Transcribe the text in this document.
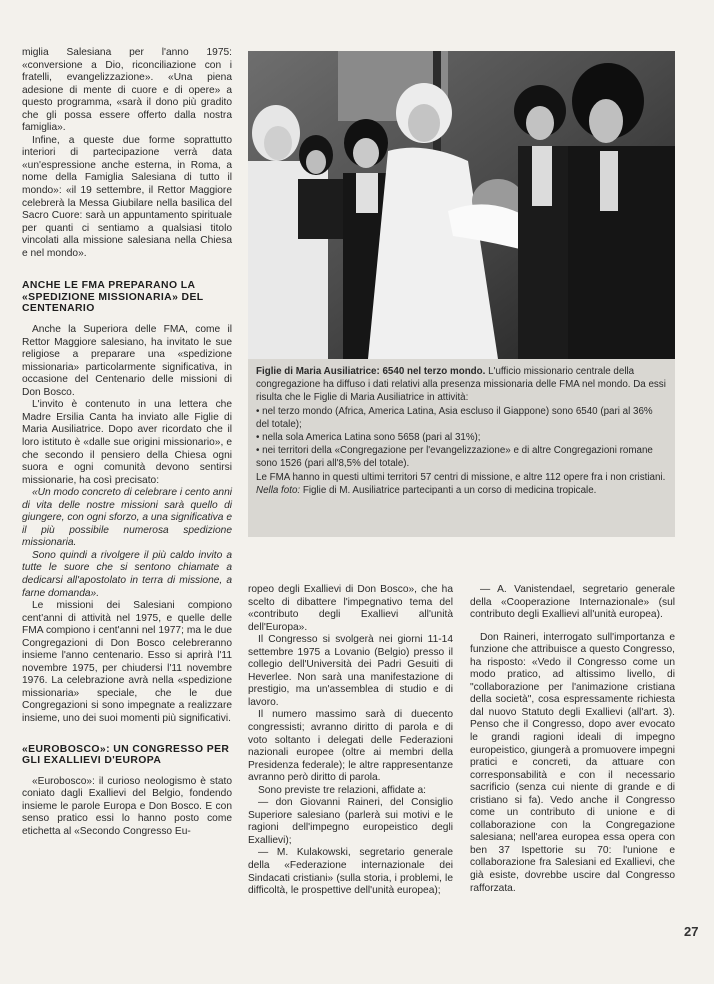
miglia Salesiana per l'anno 1975: «conversione a Dio, riconciliazione con i fratelli, evangelizzazione». «Una piena adesione di mente di cuore e di opere» a questo programma, «sarà il dono più gradito che gli possa essere offerto dalla nostra famiglia».

Infine, a queste due forme soprattutto interiori di partecipazione verrà data «un'espressione anche esterna, in Roma, a nome della Famiglia Salesiana di tutto il mondo»: «il 19 settembre, il Rettor Maggiore celebrerà la Messa Giubilare nella basilica del Sacro Cuore: sarà un appuntamento spirituale per quanti ci sentiamo a qualsiasi titolo vincolati alla missione salesiana nella Chiesa e nel mondo».

ANCHE LE FMA PREPARANO LA «SPEDIZIONE MISSIONARIA» DEL CENTENARIO

Anche la Superiora delle FMA, come il Rettor Maggiore salesiano, ha invitato le sue religiose a preparare una «spedizione missionaria» particolarmente significativa, in occasione del Centenario delle missioni di Don Bosco.

L'invito è contenuto in una lettera che Madre Ersilia Canta ha inviato alle Figlie di Maria Ausiliatrice. Dopo aver ricordato che il loro istituto è «dalle sue origini missionario», e che secondo il pensiero della Chiesa ogni suora e ogni comunità devono sentirsi missionarie, ha così precisato:

«Un modo concreto di celebrare i cento anni di vita delle nostre missioni sarà quello di giungere, con ogni sforzo, a una significativa e il più possibile numerosa spedizione missionaria.

Sono quindi a rivolgere il più caldo invito a tutte le suore che si sentono chiamate a dedicarsi all'apostolato in terra di missione, a farne domanda».

Le missioni dei Salesiani compiono cent'anni di attività nel 1975, e quelle delle FMA compiono i cent'anni nel 1977; ma le due Congregazioni di Don Bosco celebreranno insieme l'anno centenario. Esso si aprirà l'11 novembre 1975, per chiudersi l'11 novembre 1976. La celebrazione avrà nella «spedizione missionaria» speciale, che le due Congregazioni si sono impegnate a realizzare insieme, uno dei suoi momenti più significativi.

«EUROBOSCO»: UN CONGRESSO PER GLI EXALLIEVI D'EUROPA

«Eurobosco»: il curioso neologismo è stato coniato dagli Exallievi del Belgio, fondendo insieme le parole Europa e Don Bosco. E con senso pratico essi lo hanno posto come etichetta al «Secondo Congresso Eu-

Figlie di Maria Ausiliatrice: 6540 nel terzo mondo. L'ufficio missionario centrale della congregazione ha diffuso i dati relativi alla presenza missionaria delle FMA nel mondo. Da essi risulta che le Figlie di Maria Ausiliatrice in attività:

• nel terzo mondo (Africa, America Latina, Asia escluso il Giappone) sono 6540 (pari al 36% del totale);

• nella sola America Latina sono 5658 (pari al 31%);

• nei territori della «Congregazione per l'evangelizzazione» e di altre Congregazioni romane sono 1526 (pari all'8,5% del totale).

Le FMA hanno in questi ultimi territori 57 centri di missione, e altre 112 opere fra i non cristiani.

Nella foto: Figlie di M. Ausiliatrice partecipanti a un corso di medicina tropicale.

ropeo degli Exallievi di Don Bosco», che ha scelto di dibattere l'impegnativo tema del «contributo degli Exallievi all'unità dell'Europa».

Il Congresso si svolgerà nei giorni 11-14 settembre 1975 a Lovanio (Belgio) presso il collegio dell'Università dei Padri Gesuiti di Heverlee. Non sarà una manifestazione di prestigio, ma un'assemblea di studio e di lavoro.

Il numero massimo sarà di duecento congressisti; avranno diritto di parola e di voto soltanto i delegati delle Federazioni nazionali europee (oltre ai membri della Presidenza federale); le altre rappresentanze avranno però diritto di parola.

Sono previste tre relazioni, affidate a:

— don Giovanni Raineri, del Consiglio Superiore salesiano (parlerà sui motivi e le ragioni dell'impegno europeistico degli Exallievi);

— M. Kulakowski, segretario generale della «Federazione internazionale dei Sindacati cristiani» (sulla storia, i problemi, le difficoltà, le prospettive dell'unità europea);

— A. Vanistendael, segretario generale della «Cooperazione Internazionale» (sul contributo degli Exallievi all'unità europea).

Don Raineri, interrogato sull'importanza e funzione che attribuisce a questo Congresso, ha risposto: «Vedo il Congresso come un modo pratico, ad altissimo livello, di "collaborazione per l'animazione cristiana della società", cosa espressamente richiesta dal nuovo Statuto degli Exallievi (all'art. 3). Penso che il Congresso, dopo aver evocato le grandi ragioni ideali di impegno europeistico, giungerà a promuovere impegni pratici e concreti, da attuare con corresponsabilità e con il necessario sacrificio (senza cui niente di grande e di cristiano si fa). Vedo anche il Congresso come un contributo di unione e di collaborazione con la Congregazione salesiana; nell'area europea essa opera con ben 37 Ispettorie su 70: l'unione e collaborazione fra Salesiani ed Exallievi, che già esiste, dovrebbe uscire dal Congresso rafforzata.

27
